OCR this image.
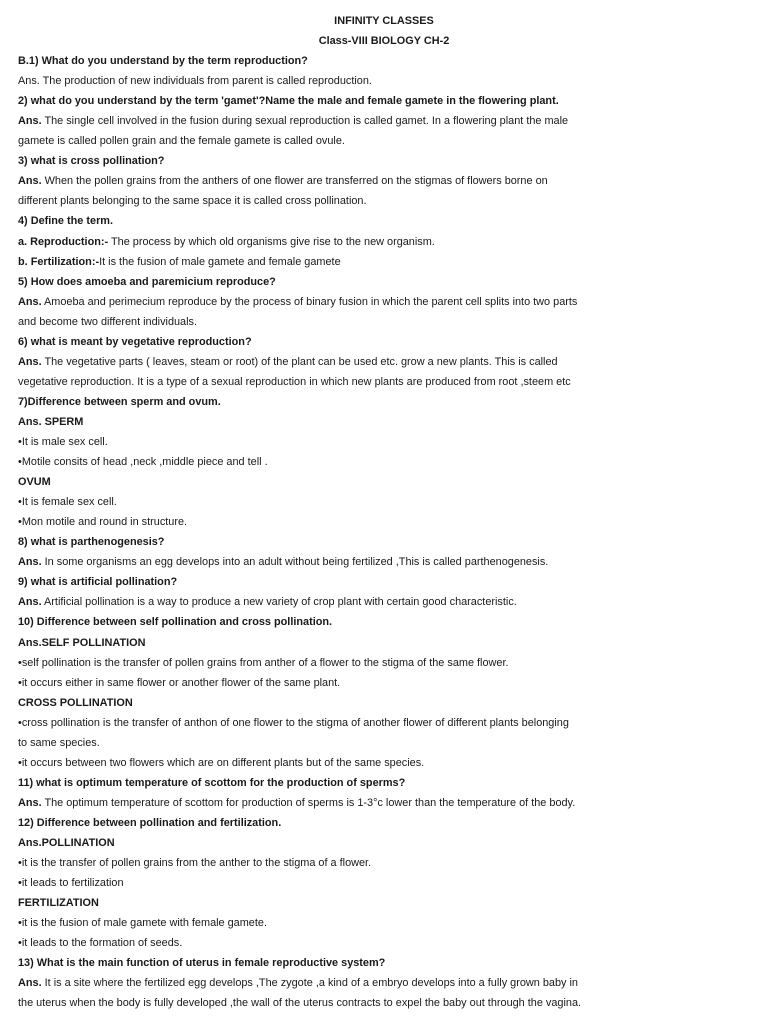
INFINITY CLASSES
Class-VIII BIOLOGY CH-2
B.1) What do you understand by the term reproduction?
Ans. The production of new individuals from parent is called reproduction.
2) what do you understand by the term 'gamet'?Name the male and female gamete in the flowering plant.
Ans. The single cell involved in the fusion during sexual reproduction is called gamet. In a flowering plant the male
gamete is called pollen grain and the female gamete is called ovule.
3) what is cross pollination?
Ans. When the pollen grains from the anthers of one flower are transferred on the stigmas of flowers borne on
different plants belonging to the same space it is called cross pollination.
4) Define the term.
a. Reproduction:- The process by which old organisms give rise to the new organism.
b. Fertilization:-It is the fusion of male gamete and female gamete
5) How does amoeba and paremicium reproduce?
Ans. Amoeba and perimecium reproduce by the process of binary fusion in which the parent cell splits into two parts
and become two different individuals.
6) what is meant by vegetative reproduction?
Ans. The vegetative parts ( leaves, steam or root) of the plant can be used etc. grow a new plants. This is called
vegetative reproduction. It is a type of a sexual reproduction in which new plants are produced from root ,steem etc
7)Difference between sperm and ovum.
Ans. SPERM
•It is male sex cell.
•Motile consits of head ,neck ,middle piece and tell .
OVUM
•It is female sex cell.
•Mon motile and round in structure.
8) what is parthenogenesis?
Ans. In some organisms an egg develops into an adult without being fertilized ,This is called parthenogenesis.
9) what is artificial pollination?
Ans. Artificial pollination is a way to produce a new variety of crop plant with certain good characteristic.
10) Difference between self pollination and cross pollination.
Ans.SELF POLLINATION
•self pollination is the transfer of pollen grains from anther of a flower to the stigma of the same flower.
•it occurs either in same flower or another flower of the same plant.
CROSS POLLINATION
•cross pollination is the transfer of anthon of one flower to the stigma of another flower of different plants belonging
to same species.
•it occurs between two flowers which are on different plants but of the same species.
11) what is optimum temperature of scottom for the production of sperms?
Ans. The optimum temperature of scottom for production of sperms is 1-3°c lower than the temperature of the body.
12) Difference between pollination and fertilization.
Ans.POLLINATION
•it is the transfer of pollen grains from the anther to the stigma of a flower.
•it leads to fertilization
FERTILIZATION
•it is the fusion of male gamete with female gamete.
•it leads to the formation of seeds.
13) What is the main function of uterus in female reproductive system?
Ans. It is a site where the fertilized egg develops ,The zygote ,a kind of a embryo develops into a fully grown baby in
the uterus when the body is fully developed ,the wall of the uterus contracts to expel the baby out through the vagina.
